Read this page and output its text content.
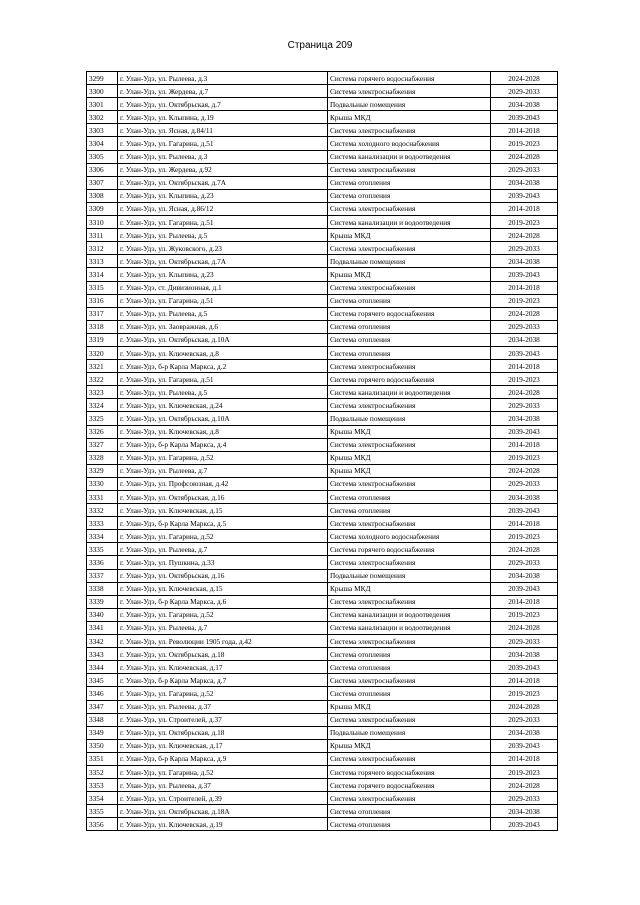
Страница 209
3299	г. Улан-Удэ, ул. Рылеева, д.3	Система горячего водоснабжения	2024-2028
3300	г. Улан-Удэ, ул. Жердева, д.7	Система электроснабжения	2029-2033
3301	г. Улан-Удэ, ул. Октябрьская, д.7	Подвальные помещения	2034-2038
3302	г. Улан-Удэ, ул. Клыпина, д.19	Крыша МКД	2039-2043
3303	г. Улан-Удэ, ул. Ясная, д.84/11	Система электроснабжения	2014-2018
3304	г. Улан-Удэ, ул. Гагарина, д.51	Система холодного водоснабжения	2019-2023
3305	г. Улан-Удэ, ул. Рылеева, д.3	Система канализации и водоотведения	2024-2028
3306	г. Улан-Удэ, ул. Жердева, д.92	Система электроснабжения	2029-2033
3307	г. Улан-Удэ, ул. Октябрьская, д.7А	Система отопления	2034-2038
3308	г. Улан-Удэ, ул. Клыпина, д.23	Система отопления	2039-2043
3309	г. Улан-Удэ, ул. Ясная, д.86/12	Система электроснабжения	2014-2018
3310	г. Улан-Удэ, ул. Гагарина, д.51	Система канализации и водоотведения	2019-2023
3311	г. Улан-Удэ, ул. Рылеева, д.5	Крыша МКД	2024-2028
3312	г. Улан-Удэ, ул. Жуковского, д.23	Система электроснабжения	2029-2033
3313	г. Улан-Удэ, ул. Октябрьская, д.7А	Подвальные помещения	2034-2038
3314	г. Улан-Удэ, ул. Клыпина, д.23	Крыша МКД	2039-2043
3315	г. Улан-Удэ, ст. Дивизионная, д.1	Система электроснабжения	2014-2018
3316	г. Улан-Удэ, ул. Гагарина, д.51	Система отопления	2019-2023
3317	г. Улан-Удэ, ул. Рылеева, д.5	Система горячего водоснабжения	2024-2028
3318	г. Улан-Удэ, ул. Заовражная, д.6	Система отопления	2029-2033
3319	г. Улан-Удэ, ул. Октябрьская, д.10А	Система отопления	2034-2038
3320	г. Улан-Удэ, ул. Ключевская, д.8	Система отопления	2039-2043
3321	г. Улан-Удэ, б-р Карла Маркса, д.2	Система электроснабжения	2014-2018
3322	г. Улан-Удэ, ул. Гагарина, д.51	Система горячего водоснабжения	2019-2023
3323	г. Улан-Удэ, ул. Рылеева, д.5	Система канализации и водоотведения	2024-2028
3324	г. Улан-Удэ, ул. Ключевская, д.24	Система электроснабжения	2029-2033
3325	г. Улан-Удэ, ул. Октябрьская, д.10А	Подвальные помещения	2034-2038
3326	г. Улан-Удэ, ул. Ключевская, д.8	Крыша МКД	2039-2043
3327	г. Улан-Удэ, б-р Карла Маркса, д.4	Система электроснабжения	2014-2018
3328	г. Улан-Удэ, ул. Гагарина, д.52	Крыша МКД	2019-2023
3329	г. Улан-Удэ, ул. Рылеева, д.7	Крыша МКД	2024-2028
3330	г. Улан-Удэ, ул. Профсоюзная, д.42	Система электроснабжения	2029-2033
3331	г. Улан-Удэ, ул. Октябрьская, д.16	Система отопления	2034-2038
3332	г. Улан-Удэ, ул. Ключевская, д.15	Система отопления	2039-2043
3333	г. Улан-Удэ, б-р Карла Маркса, д.5	Система электроснабжения	2014-2018
3334	г. Улан-Удэ, ул. Гагарина, д.52	Система холодного водоснабжения	2019-2023
3335	г. Улан-Удэ, ул. Рылеева, д.7	Система горячего водоснабжения	2024-2028
3336	г. Улан-Удэ, ул. Пушкина, д.33	Система электроснабжения	2029-2033
3337	г. Улан-Удэ, ул. Октябрьская, д.16	Подвальные помещения	2034-2038
3338	г. Улан-Удэ, ул. Ключевская, д.15	Крыша МКД	2039-2043
3339	г. Улан-Удэ, б-р Карла Маркса, д.6	Система электроснабжения	2014-2018
3340	г. Улан-Удэ, ул. Гагарина, д.52	Система канализации и водоотведения	2019-2023
3341	г. Улан-Удэ, ул. Рылеева, д.7	Система канализации и водоотведения	2024-2028
3342	г. Улан-Удэ, ул. Революции 1905 года, д.42	Система электроснабжения	2029-2033
3343	г. Улан-Удэ, ул. Октябрьская, д.18	Система отопления	2034-2038
3344	г. Улан-Удэ, ул. Ключевская, д.17	Система отопления	2039-2043
3345	г. Улан-Удэ, б-р Карла Маркса, д.7	Система электроснабжения	2014-2018
3346	г. Улан-Удэ, ул. Гагарина, д.52	Система отопления	2019-2023
3347	г. Улан-Удэ, ул. Рылеева, д.37	Крыша МКД	2024-2028
3348	г. Улан-Удэ, ул. Строителей, д.37	Система электроснабжения	2029-2033
3349	г. Улан-Удэ, ул. Октябрьская, д.18	Подвальные помещения	2034-2038
3350	г. Улан-Удэ, ул. Ключевская, д.17	Крыша МКД	2039-2043
3351	г. Улан-Удэ, б-р Карла Маркса, д.9	Система электроснабжения	2014-2018
3352	г. Улан-Удэ, ул. Гагарина, д.52	Система горячего водоснабжения	2019-2023
3353	г. Улан-Удэ, ул. Рылеева, д.37	Система горячего водоснабжения	2024-2028
3354	г. Улан-Удэ, ул. Строителей, д.39	Система электроснабжения	2029-2033
3355	г. Улан-Удэ, ул. Октябрьская, д.18А	Система отопления	2034-2038
3356	г. Улан-Удэ, ул. Ключевская, д.19	Система отопления	2039-2043
